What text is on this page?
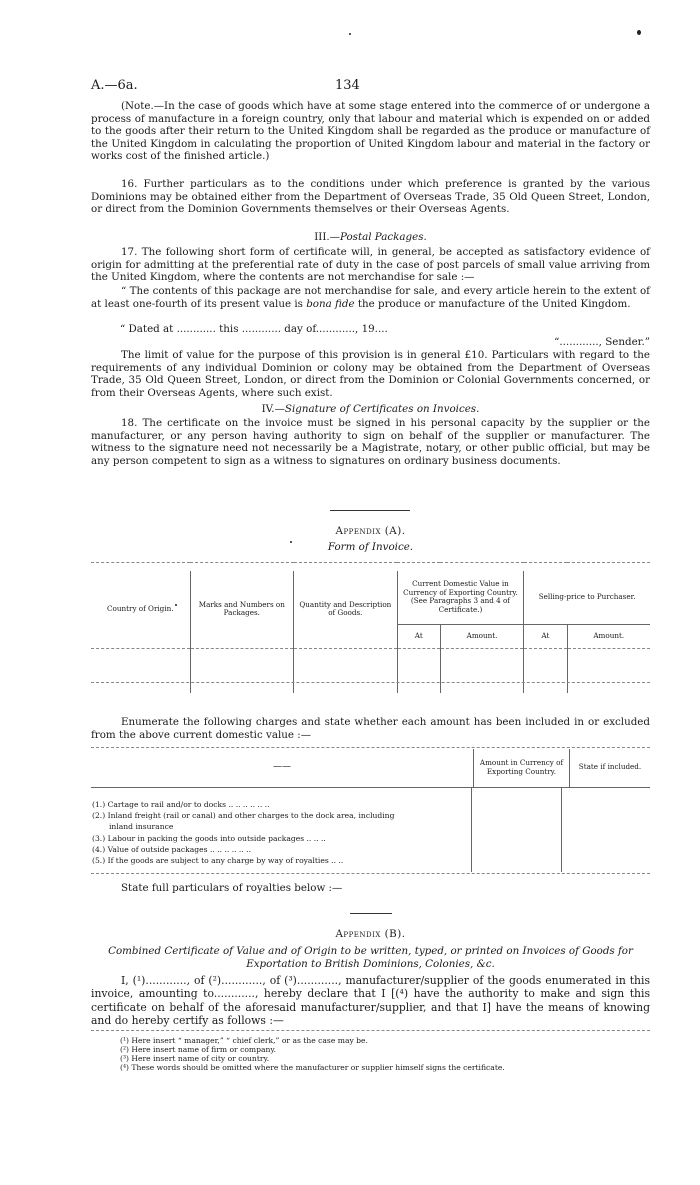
A.—6a.	134
(Note.—In the case of goods which have at some stage entered into the commerce of or undergone a process of manufacture in a foreign country, only that labour and material which is expended on or added to the goods after their return to the United Kingdom shall be regarded as the produce or manufacture of the United Kingdom in calculating the proportion of United Kingdom labour and material in the factory or works cost of the finished article.)
16. Further particulars as to the conditions under which preference is granted by the various Dominions may be obtained either from the Department of Overseas Trade, 35 Old Queen Street, London, or direct from the Dominion Governments themselves or their Overseas Agents.
III.—Postal Packages.
17. The following short form of certificate will, in general, be accepted as satisfactory evidence of origin for admitting at the preferential rate of duty in the case of post parcels of small value arriving from the United Kingdom, where the contents are not merchandise for sale :—
“ The contents of this package are not merchandise for sale, and every article herein to the extent of at least one-fourth of its present value is bona fide the produce or manufacture of the United Kingdom.
“ Dated at ............ this ............ day of............, 19....
“............, Sender.”
The limit of value for the purpose of this provision is in general £10. Particulars with regard to the requirements of any individual Dominion or colony may be obtained from the Department of Overseas Trade, 35 Old Queen Street, London, or direct from the Dominion or Colonial Governments concerned, or from their Overseas Agents, where such exist.
IV.—Signature of Certificates on Invoices.
18. The certificate on the invoice must be signed in his personal capacity by the supplier or the manufacturer, or any person having authority to sign on behalf of the supplier or manufacturer. The witness to the signature need not necessarily be a Magistrate, notary, or other public official, but may be any person competent to sign as a witness to signatures on ordinary business documents.
Appendix (A).
Form of Invoice.

Country of Origin.	Marks and Numbers on Packages.	Quantity and Description of Goods.	Current Domestic Value in Currency of Exporting Country. (See Paragraphs 3 and 4 of Certificate.)		Selling-price to Purchaser.	
			At	Amount.	At	Amount.

Enumerate the following charges and state whether each amount has been included in or excluded from the above current domestic value :—
——	Amount in Currency of Exporting Country.	State if included.
(1.) Cartage to rail and/or to docks .. .. .. .. .. ..
(2.) Inland freight (rail or canal) and other charges to the dock area, including
inland insurance
(3.) Labour in packing the goods into outside packages .. .. ..
(4.) Value of outside packages .. .. .. .. .. ..
(5.) If the goods are subject to any charge by way of royalties .. ..
State full particulars of royalties below :—
Appendix (B).
Combined Certificate of Value and of Origin to be written, typed, or printed on Invoices of Goods for Exportation to British Dominions, Colonies, &c.
I, (¹)............, of (²)............, of (³)............, manufacturer/supplier of the goods enumerated in this invoice, amounting to............, hereby declare that I [(⁴) have the authority to make and sign this certificate on behalf of the aforesaid manufacturer/supplier, and that I] have the means of knowing and do hereby certify as follows :—
(¹) Here insert “ manager,” “ chief clerk,” or as the case may be.
(²) Here insert name of firm or company.
(³) Here insert name of city or country.
(⁴) These words should be omitted where the manufacturer or supplier himself signs the certificate.
